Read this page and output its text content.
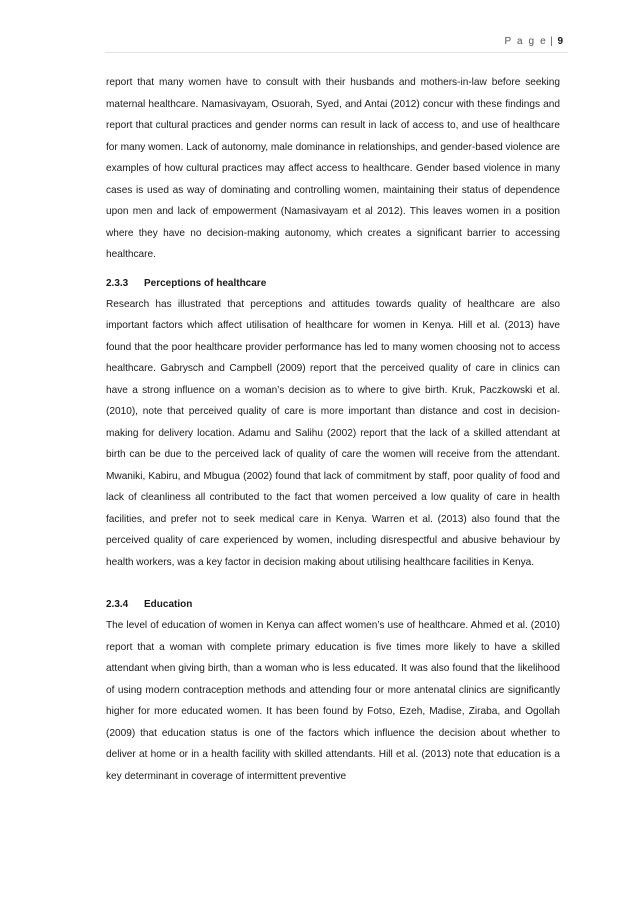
P a g e | 9

report that many women have to consult with their husbands and mothers-in-law before seeking maternal healthcare. Namasivayam, Osuorah, Syed, and Antai (2012) concur with these findings and report that cultural practices and gender norms can result in lack of access to, and use of healthcare for many women. Lack of autonomy, male dominance in relationships, and gender-based violence are examples of how cultural practices may affect access to healthcare. Gender based violence in many cases is used as way of dominating and controlling women, maintaining their status of dependence upon men and lack of empowerment (Namasivayam et al 2012). This leaves women in a position where they have no decision-making autonomy, which creates a significant barrier to accessing healthcare.

2.3.3 Perceptions of healthcare

Research has illustrated that perceptions and attitudes towards quality of healthcare are also important factors which affect utilisation of healthcare for women in Kenya. Hill et al. (2013) have found that the poor healthcare provider performance has led to many women choosing not to access healthcare. Gabrysch and Campbell (2009) report that the perceived quality of care in clinics can have a strong influence on a woman’s decision as to where to give birth. Kruk, Paczkowski et al. (2010), note that perceived quality of care is more important than distance and cost in decision- making for delivery location. Adamu and Salihu (2002) report that the lack of a skilled attendant at birth can be due to the perceived lack of quality of care the women will receive from the attendant. Mwaniki, Kabiru, and Mbugua (2002) found that lack of commitment by staff, poor quality of food and lack of cleanliness all contributed to the fact that women perceived a low quality of care in health facilities, and prefer not to seek medical care in Kenya. Warren et al. (2013) also found that the perceived quality of care experienced by women, including disrespectful and abusive behaviour by health workers, was a key factor in decision making about utilising healthcare facilities in Kenya.

2.3.4 Education

The level of education of women in Kenya can affect women’s use of healthcare. Ahmed et al. (2010) report that a woman with complete primary education is five times more likely to have a skilled attendant when giving birth, than a woman who is less educated. It was also found that the likelihood of using modern contraception methods and attending four or more antenatal clinics are significantly higher for more educated women. It has been found by Fotso, Ezeh, Madise, Ziraba, and Ogollah (2009) that education status is one of the factors which influence the decision about whether to deliver at home or in a health facility with skilled attendants. Hill et al. (2013) note that education is a key determinant in coverage of intermittent preventive
